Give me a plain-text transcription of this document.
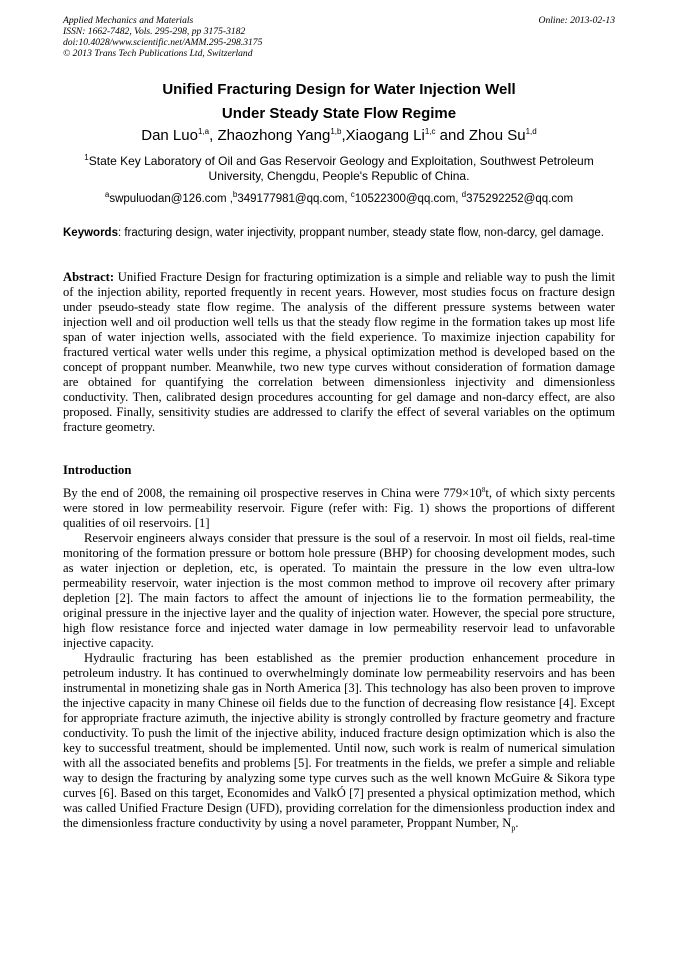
Applied Mechanics and Materials
ISSN: 1662-7482, Vols. 295-298, pp 3175-3182
doi:10.4028/www.scientific.net/AMM.295-298.3175
© 2013 Trans Tech Publications Ltd, Switzerland
Online: 2013-02-13
Unified Fracturing Design for Water Injection Well
Under Steady State Flow Regime
Dan Luo$^{1,a}$, Zhaozhong Yang$^{1,b}$,Xiaogang Li$^{1,c}$ and Zhou Su$^{1,d}$
$^1$State Key Laboratory of Oil and Gas Reservoir Geology and Exploitation, Southwest Petroleum
University, Chengdu, People's Republic of China.
$^a$swpuluodan@126.com ,$^b$349177981@qq.com, $^c$10522300@qq.com, $^d$375292252@qq.com
Keywords: fracturing design, water injectivity, proppant number, steady state flow, non-darcy, gel damage.
Abstract: Unified Fracture Design for fracturing optimization is a simple and reliable way to push the limit of the injection ability, reported frequently in recent years. However, most studies focus on fracture design under pseudo-steady state flow regime. The analysis of the different pressure systems between water injection well and oil production well tells us that the steady flow regime in the formation takes up most life span of water injection wells, associated with the field experience. To maximize injection capability for fractured vertical water wells under this regime, a physical optimization method is developed based on the concept of proppant number. Meanwhile, two new type curves without consideration of formation damage are obtained for quantifying the correlation between dimensionless injectivity and dimensionless conductivity. Then, calibrated design procedures accounting for gel damage and non-darcy effect, are also proposed. Finally, sensitivity studies are addressed to clarify the effect of several variables on the optimum fracture geometry.
Introduction

By the end of 2008, the remaining oil prospective reserves in China were $779\times 10^8t$, of which sixty percents were stored in low permeability reservoir. Figure (refer with: Fig. 1) shows the proportions of different qualities of oil reservoirs. [1]

Reservoir engineers always consider that pressure is the soul of a reservoir. In most oil fields, real-time monitoring of the formation pressure or bottom hole pressure (BHP) for choosing development modes, such as water injection or depletion, etc, is operated. To maintain the pressure in the low even ultra-low permeability reservoir, water injection is the most common method to improve oil recovery after primary depletion [2]. The main factors to affect the amount of injections lie to the formation permeability, the original pressure in the injective layer and the quality of injection water. However, the special pore structure, high flow resistance force and injected water damage in low permeability reservoir lead to unfavorable injective capacity.

Hydraulic fracturing has been established as the premier production enhancement procedure in petroleum industry. It has continued to overwhelmingly dominate low permeability reservoirs and has been instrumental in monetizing shale gas in North America [3]. This technology has also been proven to improve the injective capacity in many Chinese oil fields due to the function of decreasing flow resistance [4]. Except for appropriate fracture azimuth, the injective ability is strongly controlled by fracture geometry and fracture conductivity. To push the limit of the injective ability, induced fracture design optimization which is also the key to successful treatment, should be implemented. Until now, such work is realm of numerical simulation with all the associated benefits and problems [5]. For treatments in the fields, we prefer a simple and reliable way to design the fracturing by analyzing some type curves such as the well known McGuire & Sikora type curves [6]. Based on this target, Economides and ValkÓ [7] presented a physical optimization method, which was called Unified Fracture Design (UFD), providing correlation for the dimensionless production index and the dimensionless fracture conductivity by using a novel parameter, Proppant Number, $N_p$.
